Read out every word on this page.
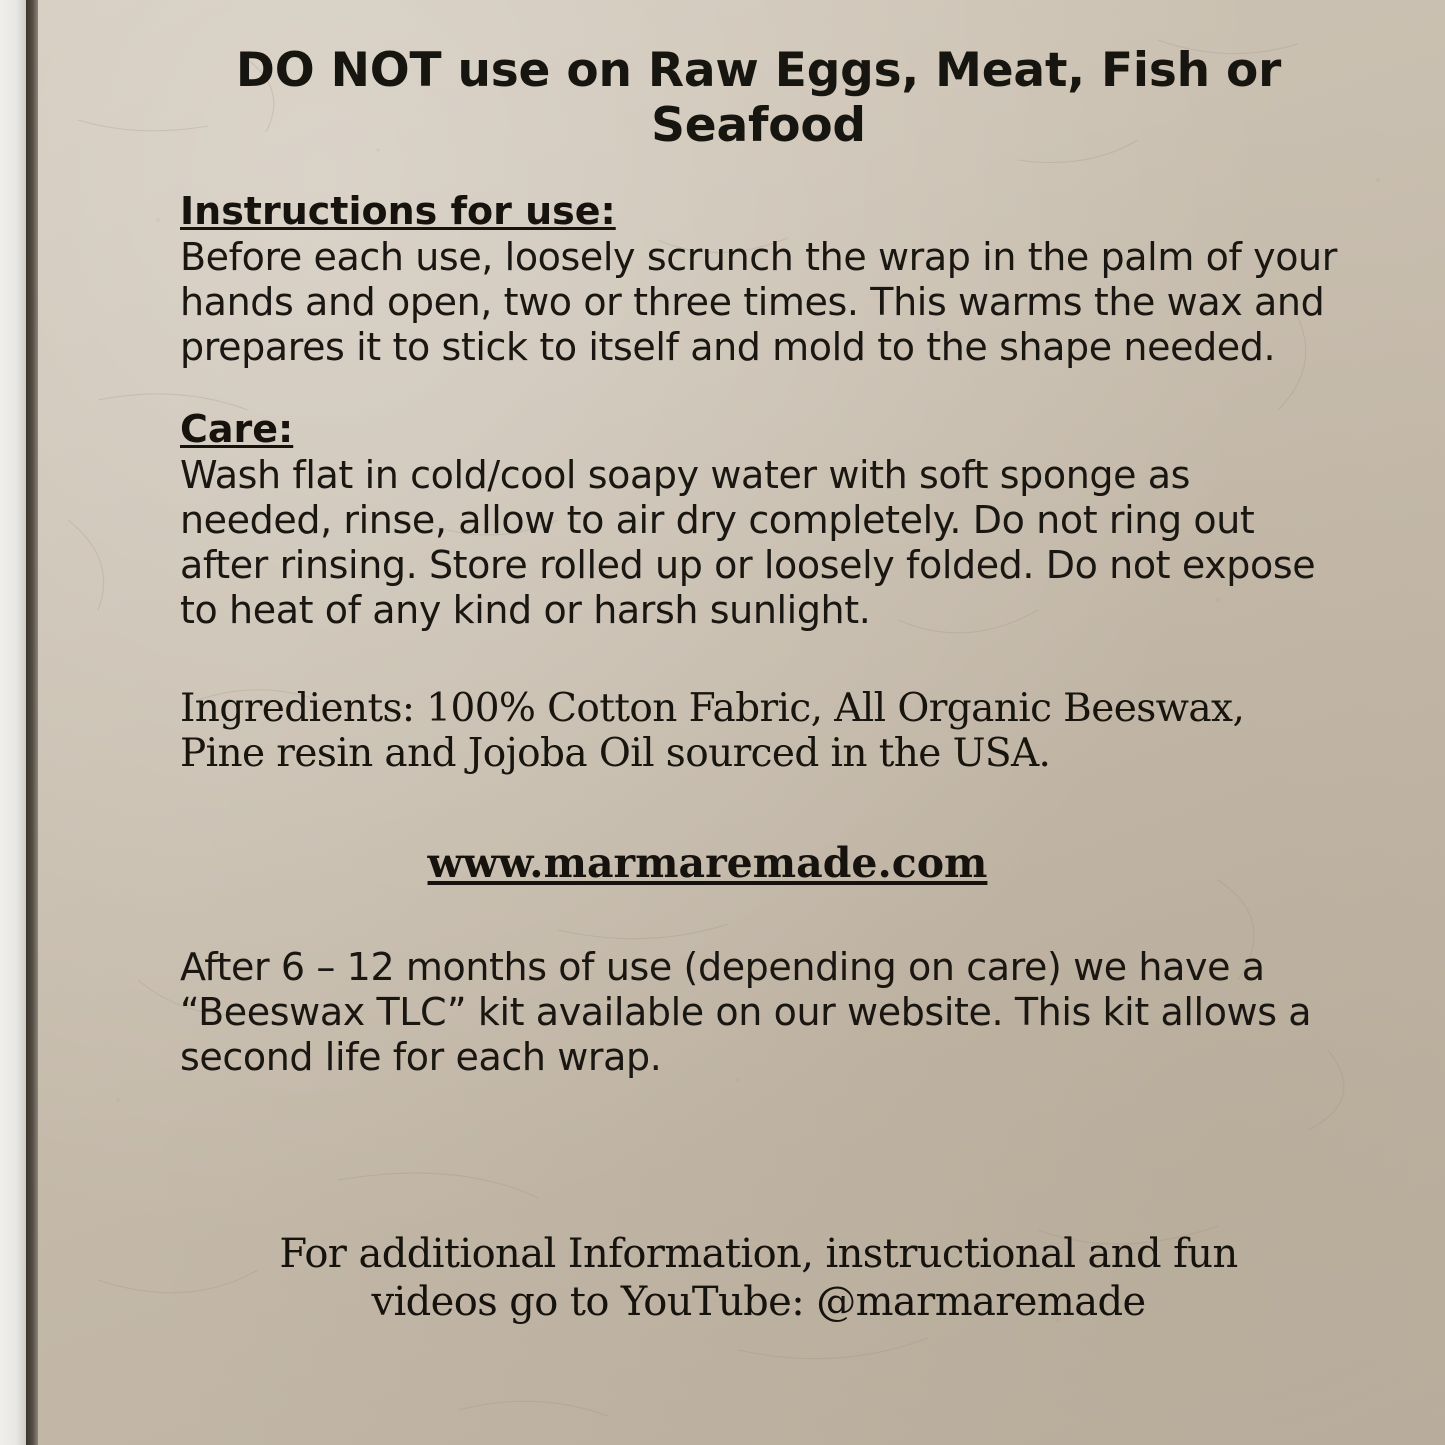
DO NOT use on Raw Eggs, Meat, Fish or Seafood
Instructions for use:
Before each use, loosely scrunch the wrap in the palm of your hands and open, two or three times. This warms the wax and prepares it to stick to itself and mold to the shape needed.
Care:
Wash flat in cold/cool soapy water with soft sponge as needed, rinse, allow to air dry completely. Do not ring out after rinsing. Store rolled up or loosely folded. Do not expose to heat of any kind or harsh sunlight.
Ingredients: 100% Cotton Fabric, All Organic Beeswax, Pine resin and Jojoba Oil sourced in the USA.
www.marmaremade.com
After 6 – 12 months of use (depending on care) we have a “Beeswax TLC” kit available on our website. This kit allows a second life for each wrap.
For additional Information, instructional and fun
videos go to YouTube: @marmaremade
